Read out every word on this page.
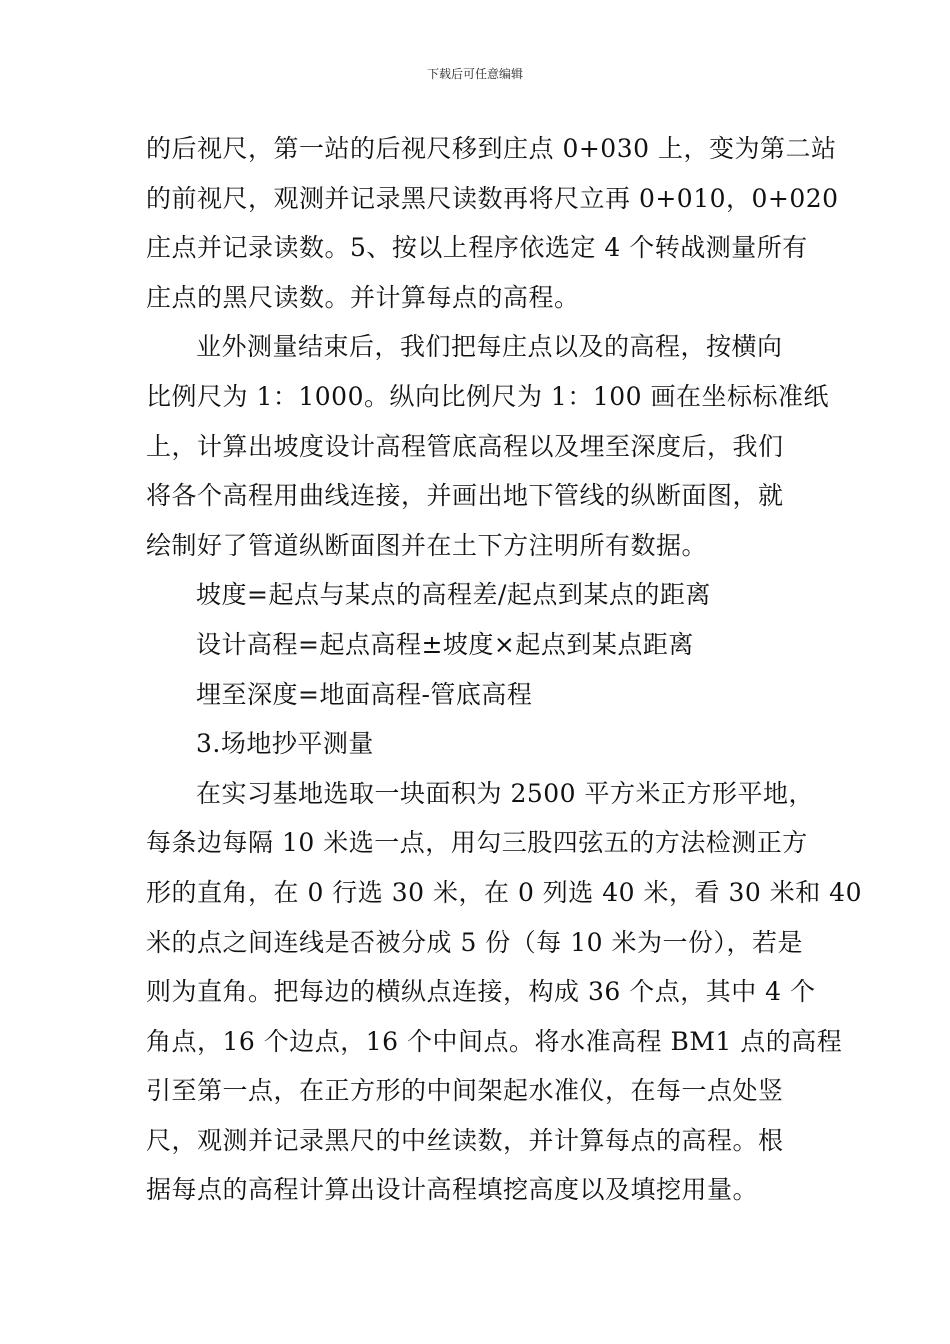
下载后可任意编辑
的后视尺，第一站的后视尺移到庄点 0+030 上，变为第二站
的前视尺，观测并记录黑尺读数再将尺立再 0+010，0+020
庄点并记录读数。5、按以上程序依选定 4 个转战测量所有
庄点的黑尺读数。并计算每点的高程。
业外测量结束后，我们把每庄点以及的高程，按横向
比例尺为 1：1000。纵向比例尺为 1：100 画在坐标标准纸
上，计算出坡度设计高程管底高程以及埋至深度后，我们
将各个高程用曲线连接，并画出地下管线的纵断面图，就
绘制好了管道纵断面图并在土下方注明所有数据。
坡度=起点与某点的高程差/起点到某点的距离
设计高程=起点高程±坡度×起点到某点距离
埋至深度=地面高程-管底高程
3.场地抄平测量
在实习基地选取一块面积为 2500 平方米正方形平地，
每条边每隔 10 米选一点，用勾三股四弦五的方法检测正方
形的直角，在 0 行选 30 米，在 0 列选 40 米，看 30 米和 40
米的点之间连线是否被分成 5 份（每 10 米为一份），若是
则为直角。把每边的横纵点连接，构成 36 个点，其中 4 个
角点，16 个边点，16 个中间点。将水准高程 BM1 点的高程
引至第一点，在正方形的中间架起水准仪，在每一点处竖
尺，观测并记录黑尺的中丝读数，并计算每点的高程。根
据每点的高程计算出设计高程填挖高度以及填挖用量。
